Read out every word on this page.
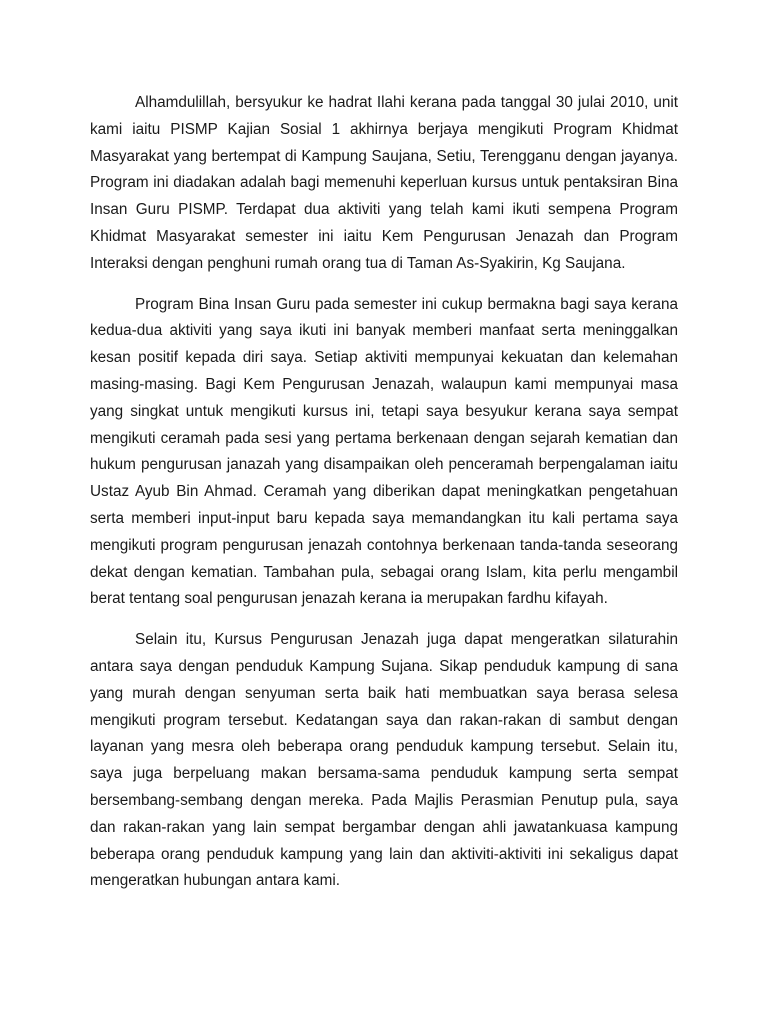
Alhamdulillah, bersyukur ke hadrat Ilahi kerana pada tanggal 30 julai 2010, unit kami iaitu PISMP Kajian Sosial 1 akhirnya berjaya mengikuti Program Khidmat Masyarakat yang bertempat di Kampung Saujana, Setiu, Terengganu dengan jayanya. Program ini diadakan adalah bagi memenuhi keperluan kursus untuk pentaksiran Bina Insan Guru PISMP. Terdapat dua aktiviti yang telah kami ikuti sempena Program Khidmat Masyarakat semester ini iaitu Kem Pengurusan Jenazah dan Program Interaksi dengan penghuni rumah orang tua di Taman As-Syakirin, Kg Saujana.

Program Bina Insan Guru pada semester ini cukup bermakna bagi saya kerana kedua-dua aktiviti yang saya ikuti ini banyak memberi manfaat serta meninggalkan kesan positif kepada diri saya. Setiap aktiviti mempunyai kekuatan dan kelemahan masing-masing. Bagi Kem Pengurusan Jenazah, walaupun kami mempunyai masa yang singkat untuk mengikuti kursus ini, tetapi saya besyukur kerana saya sempat mengikuti ceramah pada sesi yang pertama berkenaan dengan sejarah kematian dan hukum pengurusan janazah yang disampaikan oleh penceramah berpengalaman iaitu Ustaz Ayub Bin Ahmad. Ceramah yang diberikan dapat meningkatkan pengetahuan serta memberi input-input baru kepada saya memandangkan itu kali pertama saya mengikuti program pengurusan jenazah contohnya berkenaan tanda-tanda seseorang dekat dengan kematian. Tambahan pula, sebagai orang Islam, kita perlu mengambil berat tentang soal pengurusan jenazah kerana ia merupakan fardhu kifayah.

Selain itu, Kursus Pengurusan Jenazah juga dapat mengeratkan silaturahin antara saya dengan penduduk Kampung Sujana. Sikap penduduk kampung di sana yang murah dengan senyuman serta baik hati membuatkan saya berasa selesa mengikuti program tersebut. Kedatangan saya dan rakan-rakan di sambut dengan layanan yang mesra oleh beberapa orang penduduk kampung tersebut. Selain itu, saya juga berpeluang makan bersama-sama penduduk kampung serta sempat bersembang-sembang dengan mereka. Pada Majlis Perasmian Penutup pula, saya dan rakan-rakan yang lain sempat bergambar dengan ahli jawatankuasa kampung beberapa orang penduduk kampung yang lain dan aktiviti-aktiviti ini sekaligus dapat mengeratkan hubungan antara kami.
